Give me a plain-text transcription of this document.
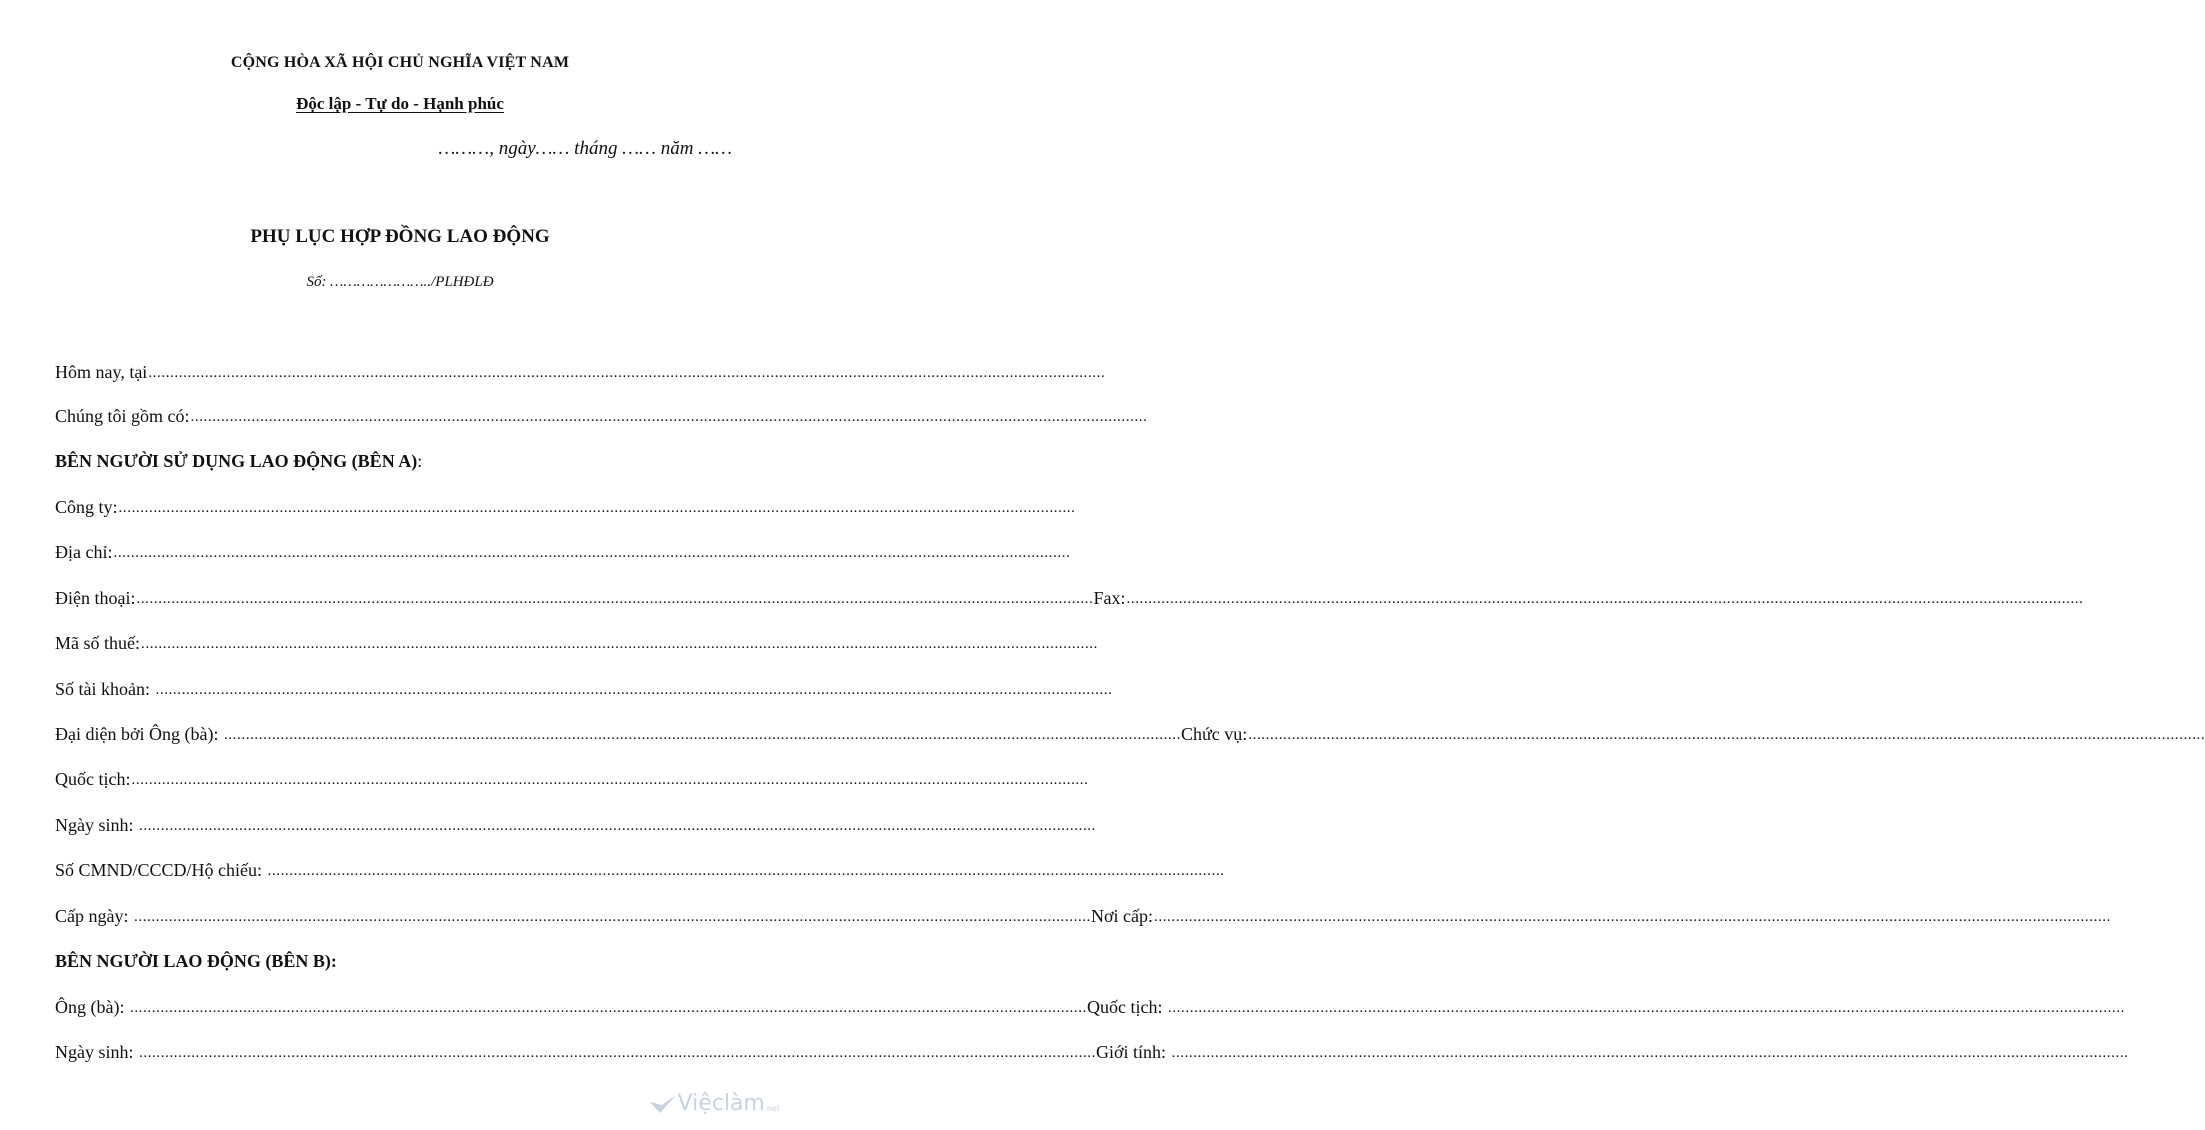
CỘNG HÒA XÃ HỘI CHỦ NGHĨA VIỆT NAM
Độc lập - Tự do - Hạnh phúc
………, ngày…… tháng …… năm ……
PHỤ LỤC HỢP ĐỒNG LAO ĐỘNG
Số: …………………../PLHĐLĐ
Hôm nay, tại ............................................................................................................................................................................................................................
Chúng tôi gồm có: ............................................................................................................................................................................................................................
BÊN NGƯỜI SỬ DỤNG LAO ĐỘNG (BÊN A) :
Công ty: ............................................................................................................................................................................................................................
Địa chỉ: ............................................................................................................................................................................................................................
Điện thoại: ............................................................................................................................................................................................................................ Fax: ............................................................................................................................................................................................................................
Mã số thuế: ............................................................................................................................................................................................................................
Số tài khoản: ............................................................................................................................................................................................................................
Đại diện bởi Ông (bà): ............................................................................................................................................................................................................................ Chức vụ: ............................................................................................................................................................................................................................
Quốc tịch: ............................................................................................................................................................................................................................
Ngày sinh: ............................................................................................................................................................................................................................
Số CMND/CCCD/Hộ chiếu: ............................................................................................................................................................................................................................
Cấp ngày: ............................................................................................................................................................................................................................ Nơi cấp: ............................................................................................................................................................................................................................
BÊN NGƯỜI LAO ĐỘNG (BÊN B):
Ông (bà): ............................................................................................................................................................................................................................ Quốc tịch: ............................................................................................................................................................................................................................
Ngày sinh: ............................................................................................................................................................................................................................ Giới tính: ............................................................................................................................................................................................................................
Việclàm net
